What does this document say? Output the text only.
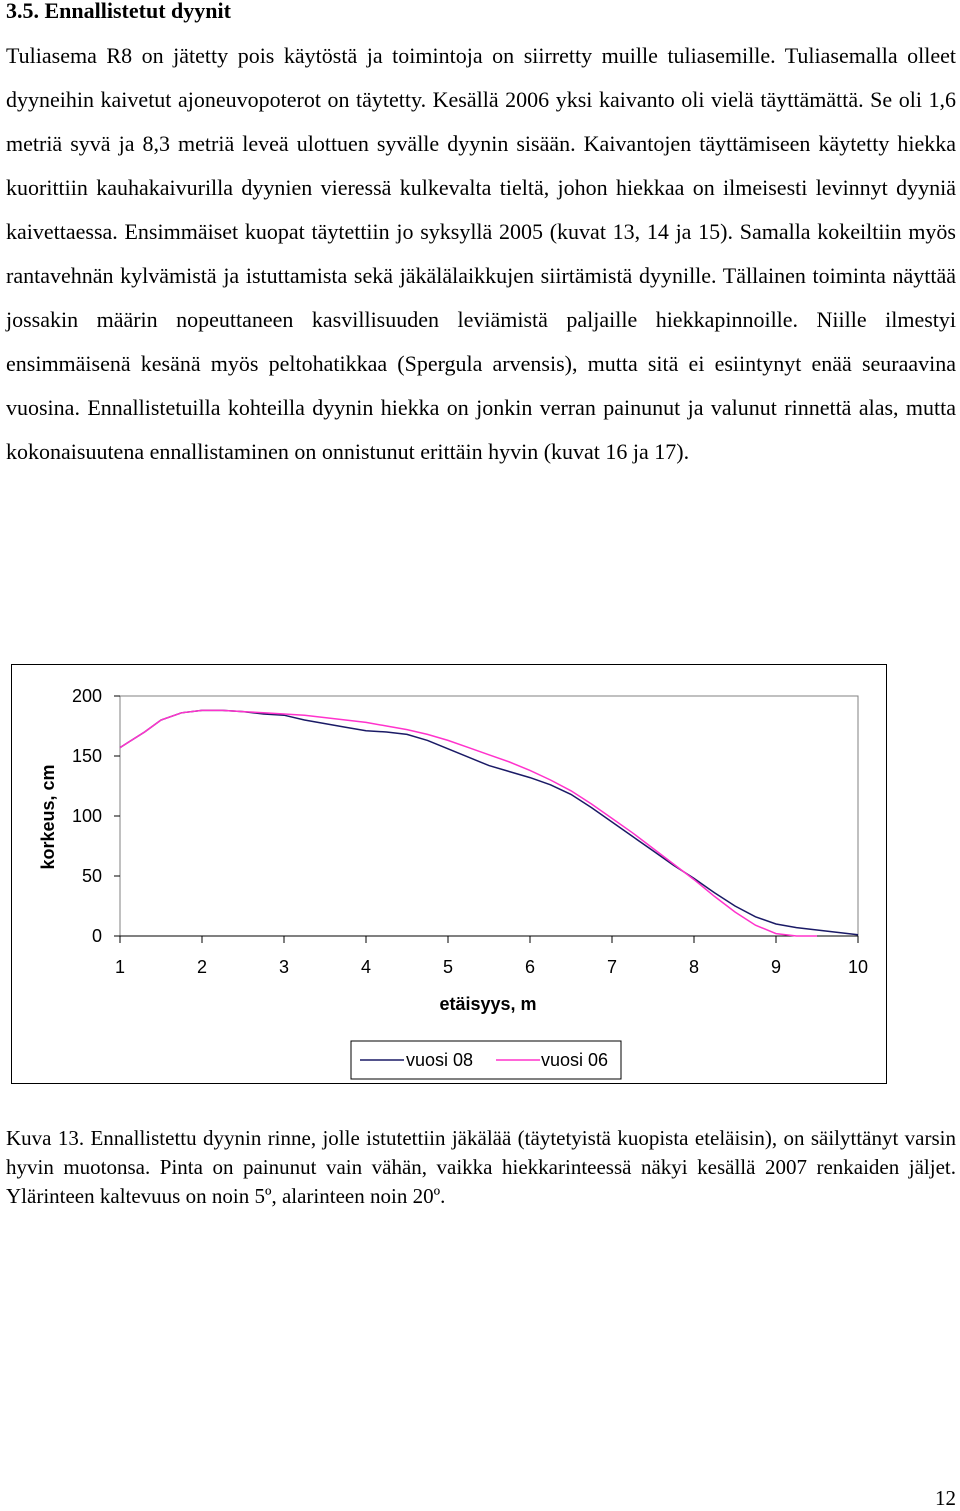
3.5. Ennallistetut dyynit

Tuliasema R8 on jätetty pois käytöstä ja toimintoja on siirretty muille tuliasemille. Tuliasemalla olleet dyyneihin kaivetut ajoneuvopoterot on täytetty. Kesällä 2006 yksi kaivanto oli vielä täyttämättä. Se oli 1,6 metriä syvä ja 8,3 metriä leveä ulottuen syvälle dyynin sisään. Kaivantojen täyttämiseen käytetty hiekka kuorittiin kauhakaivurilla dyynien vieressä kulkevalta tieltä, johon hiekkaa on ilmeisesti levinnyt dyyniä kaivettaessa. Ensimmäiset kuopat täytettiin jo syksyllä 2005 (kuvat 13, 14 ja 15). Samalla kokeiltiin myös rantavehnän kylvämistä ja istuttamista sekä jäkälälaikkujen siirtämistä dyynille. Tällainen toiminta näyttää jossakin määrin nopeuttaneen kasvillisuuden leviämistä paljaille hiekkapinnoille. Niille ilmestyi ensimmäisenä kesänä myös peltohatikkaa (Spergula arvensis), mutta sitä ei esiintynyt enää seuraavina vuosina. Ennallistetuilla kohteilla dyynin hiekka on jonkin verran painunut ja valunut rinnettä alas, mutta kokonaisuutena ennallistaminen on onnistunut erittäin hyvin (kuvat 16 ja 17).

0
50
100
150
200
1	2	3	4	5	6	7	8	9	10
vuosi 08	vuosi 06
etäisyys, m
korkeus, cm

Kuva 13. Ennallistettu dyynin rinne, jolle istutettiin jäkälää (täytetyistä kuopista eteläisin), on säilyttänyt varsin hyvin muotonsa. Pinta on painunut vain vähän, vaikka hiekkarinteessä näkyi kesällä 2007 renkaiden jäljet. Ylärinteen kaltevuus on noin 5º, alarinteen noin 20º.

12
